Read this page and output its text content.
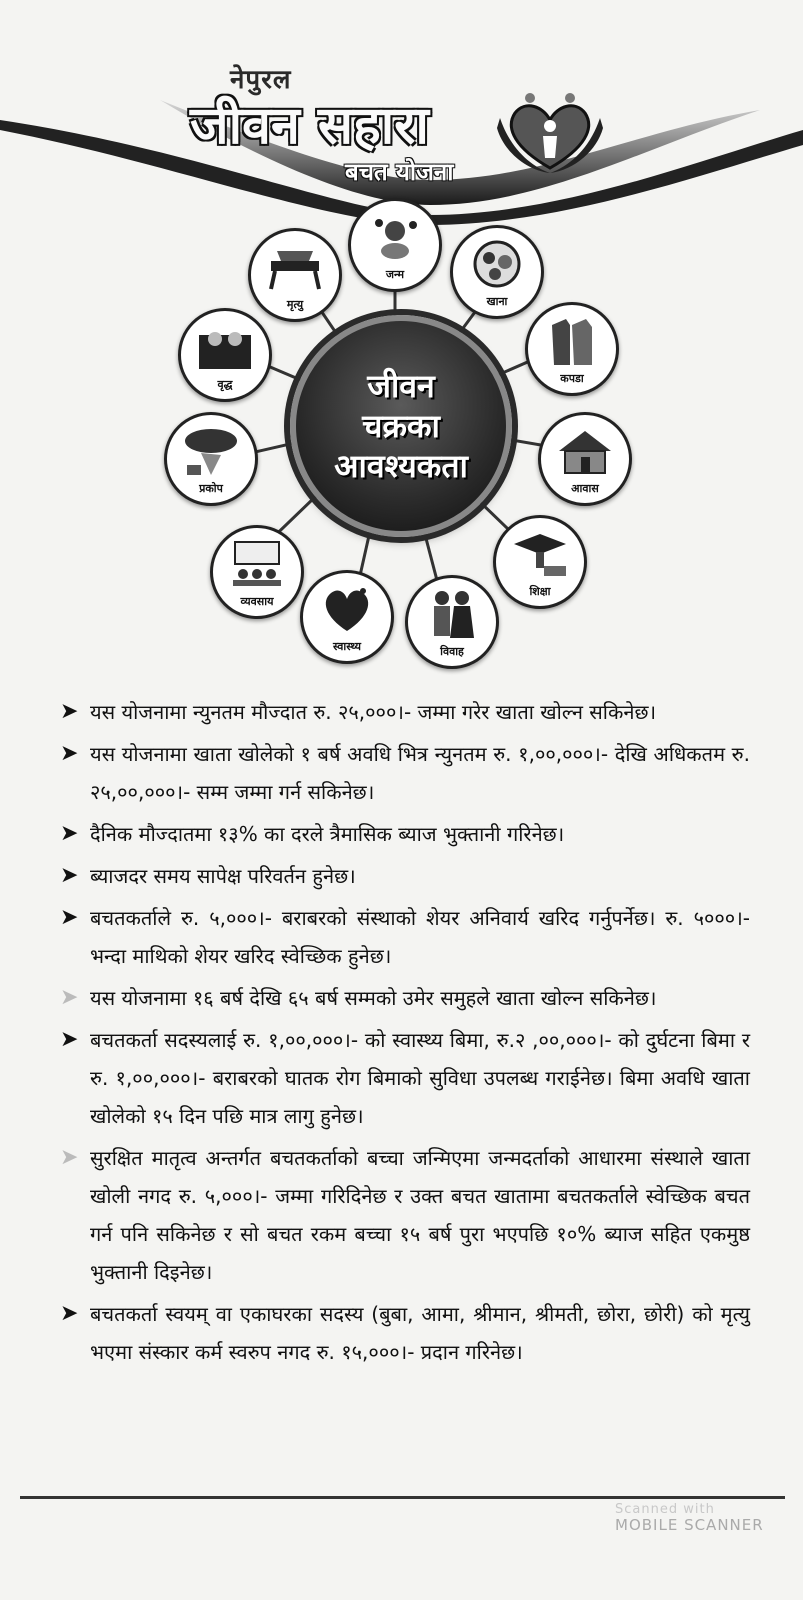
नेपुरल
जीवन सहारा
बचत योजना
जीवन
चक्रका
आवश्यकता
जन्म
खाना
कपडा
आवास
शिक्षा
विवाह
स्वास्थ्य
व्यवसाय
प्रकोप
वृद्ध
मृत्यु
➤ यस योजनामा न्युनतम मौज्दात रु. २५,०००।- जम्मा गरेर खाता खोल्न सकिनेछ।
➤ यस योजनामा खाता खोलेको १ बर्ष अवधि भित्र न्युनतम रु. १,००,०००।- देखि अधिकतम रु. २५,००,०००।- सम्म जम्मा गर्न सकिनेछ।
➤ दैनिक मौज्दातमा १३% का दरले त्रैमासिक ब्याज भुक्तानी गरिनेछ।
➤ ब्याजदर समय सापेक्ष परिवर्तन हुनेछ।
➤ बचतकर्ताले रु. ५,०००।- बराबरको संस्थाको शेयर अनिवार्य खरिद गर्नुपर्नेछ। रु. ५०००।- भन्दा माथिको शेयर खरिद स्वेच्छिक हुनेछ।
➤ यस योजनामा १६ बर्ष देखि ६५ बर्ष सम्मको उमेर समुहले खाता खोल्न सकिनेछ।
➤ बचतकर्ता सदस्यलाई रु. १,००,०००।- को स्वास्थ्य बिमा, रु.२ ,००,०००।- को दुर्घटना बिमा र रु. १,००,०००।- बराबरको घातक रोग बिमाको सुविधा उपलब्ध गराईनेछ। बिमा अवधि खाता खोलेको १५ दिन पछि मात्र लागु हुनेछ।
➤ सुरक्षित मातृत्व अन्तर्गत बचतकर्ताको बच्चा जन्मिएमा जन्मदर्ताको आधारमा संस्थाले खाता खोली नगद रु. ५,०००।- जम्मा गरिदिनेछ र उक्त बचत खातामा बचतकर्ताले स्वेच्छिक बचत गर्न पनि सकिनेछ र सो बचत रकम बच्चा १५ बर्ष पुरा भएपछि १०% ब्याज सहित एकमुष्ठ भुक्तानी दिइनेछ।
➤ बचतकर्ता स्वयम् वा एकाघरका सदस्य (बुबा, आमा, श्रीमान, श्रीमती, छोरा, छोरी) को मृत्यु भएमा संस्कार कर्म स्वरुप नगद रु. १५,०००।- प्रदान गरिनेछ।
Scanned with
MOBILE SCANNER
